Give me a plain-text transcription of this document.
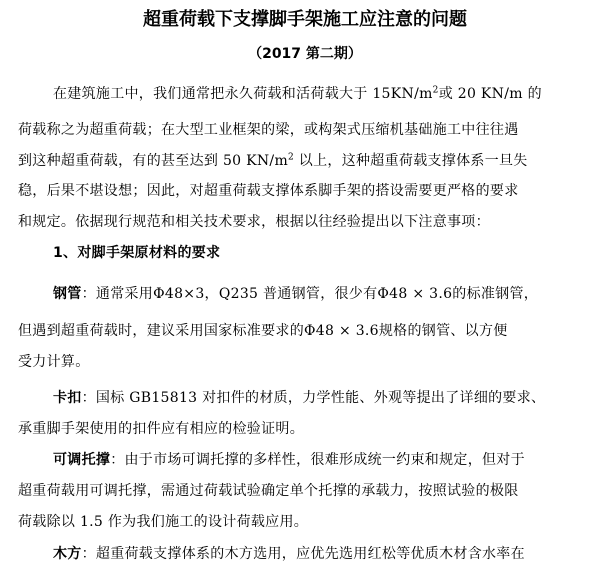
超重荷载下支撑脚手架施工应注意的问题
（2017 第二期）
在建筑施工中，我们通常把永久荷载和活荷载大于 $15KN/m^2$或 20 KN/m 的
荷载称之为超重荷载；在大型工业框架的梁，或构架式压缩机基础施工中往往遇
到这种超重荷载，有的甚至达到 50 $KN/m^2$ 以上，这种超重荷载支撑体系一旦失
稳，后果不堪设想；因此，对超重荷载支撑体系脚手架的搭设需要更严格的要求
和规定。依据现行规范和相关技术要求，根据以往经验提出以下注意事项：
1、对脚手架原材料的要求
钢管：通常采用Φ48×3，Q235 普通钢管，很少有Φ48 × 3.6的标准钢管，
但遇到超重荷载时，建议采用国家标准要求的Φ48 × 3.6规格的钢管、以方便
受力计算。
卡扣：国标 GB15813 对扣件的材质，力学性能、外观等提出了详细的要求、
承重脚手架使用的扣件应有相应的检验证明。
可调托撑：由于市场可调托撑的多样性，很难形成统一约束和规定，但对于
超重荷载用可调托撑，需通过荷载试验确定单个托撑的承载力，按照试验的极限
荷载除以 1.5 作为我们施工的设计荷载应用。
木方：超重荷载支撑体系的木方选用，应优先选用红松等优质木材含水率在
